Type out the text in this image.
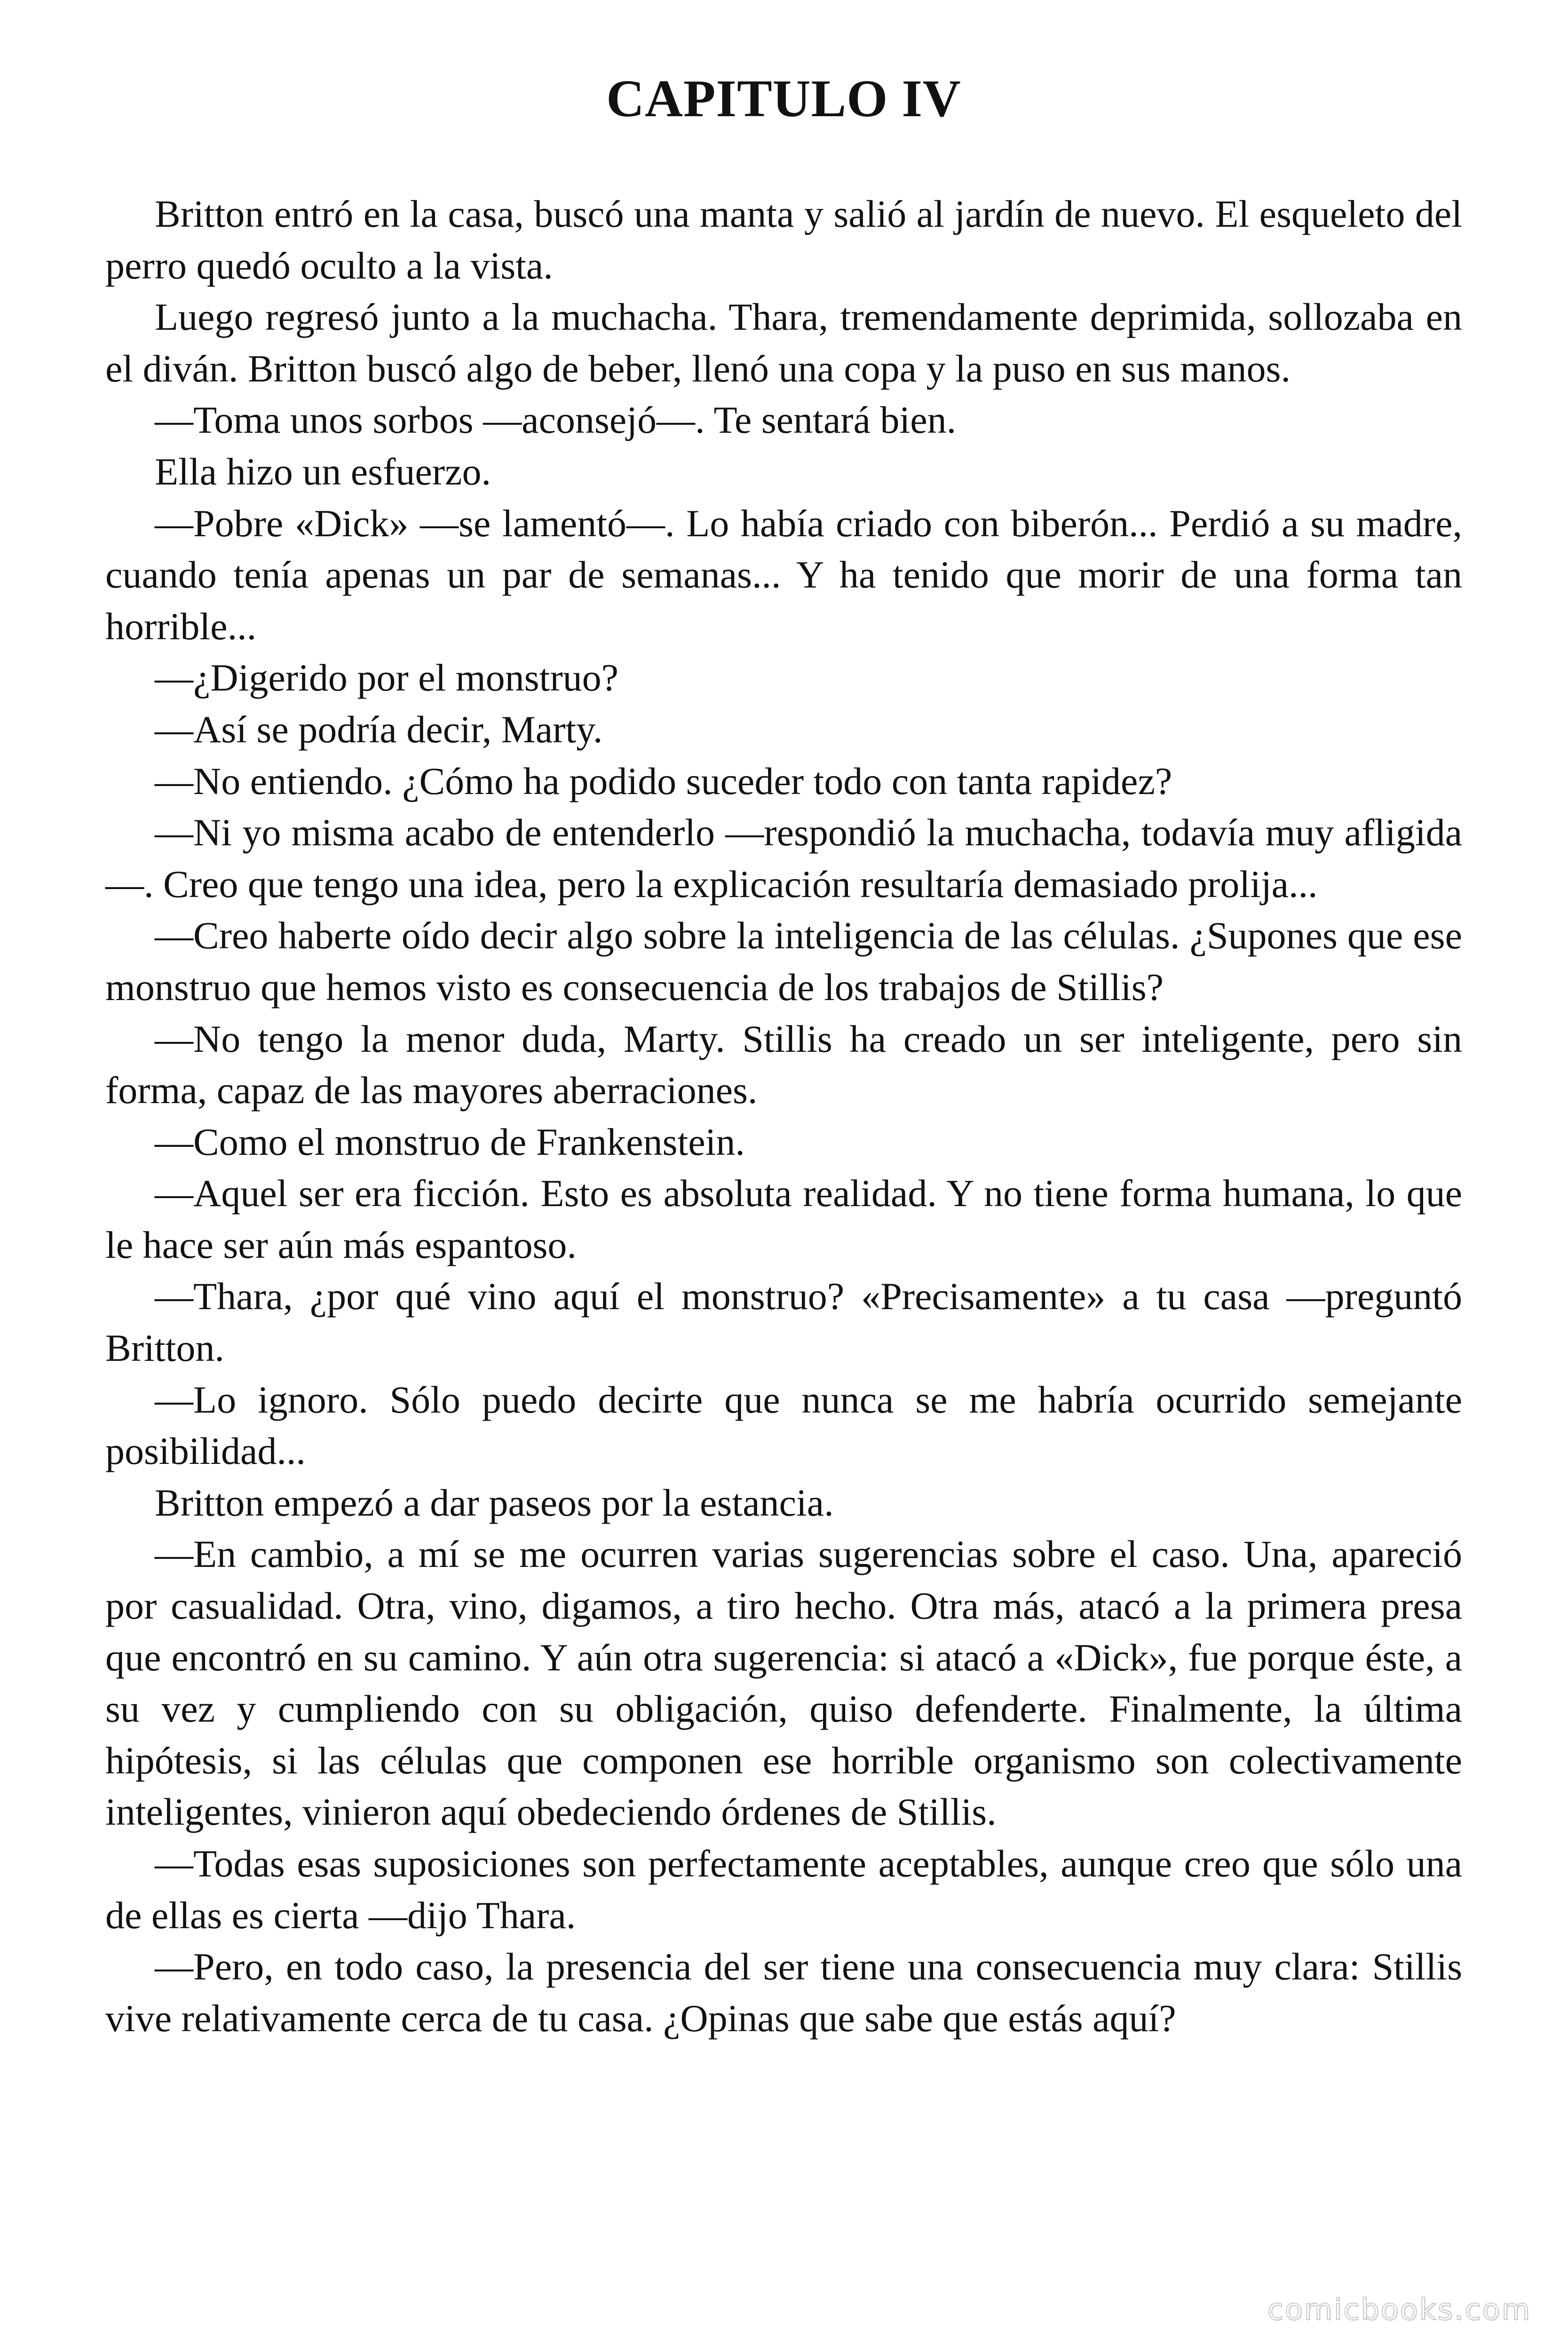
CAPITULO IV

Britton entró en la casa, buscó una manta y salió al jardín de nuevo. El esqueleto del perro quedó oculto a la vista.

Luego regresó junto a la muchacha. Thara, tremendamente deprimida, sollozaba en el diván. Britton buscó algo de beber, llenó una copa y la puso en sus manos.

—Toma unos sorbos —aconsejó—. Te sentará bien.

Ella hizo un esfuerzo.

—Pobre «Dick» —se lamentó—. Lo había criado con biberón... Perdió a su madre, cuando tenía apenas un par de semanas... Y ha tenido que morir de una forma tan horrible...

—¿Digerido por el monstruo?

—Así se podría decir, Marty.

—No entiendo. ¿Cómo ha podido suceder todo con tanta rapidez?

—Ni yo misma acabo de entenderlo —respondió la muchacha, todavía muy afligida—. Creo que tengo una idea, pero la explicación resultaría demasiado prolija...

—Creo haberte oído decir algo sobre la inteligencia de las células. ¿Supones que ese monstruo que hemos visto es consecuencia de los trabajos de Stillis?

—No tengo la menor duda, Marty. Stillis ha creado un ser inteligente, pero sin forma, capaz de las mayores aberraciones.

—Como el monstruo de Frankenstein.

—Aquel ser era ficción. Esto es absoluta realidad. Y no tiene forma humana, lo que le hace ser aún más espantoso.

—Thara, ¿por qué vino aquí el monstruo? «Precisamente» a tu casa —preguntó Britton.

—Lo ignoro. Sólo puedo decirte que nunca se me habría ocurrido semejante posibilidad...

Britton empezó a dar paseos por la estancia.

—En cambio, a mí se me ocurren varias sugerencias sobre el caso. Una, apareció por casualidad. Otra, vino, digamos, a tiro hecho. Otra más, atacó a la primera presa que encontró en su camino. Y aún otra sugerencia: si atacó a «Dick», fue porque éste, a su vez y cumpliendo con su obligación, quiso defenderte. Finalmente, la última hipótesis, si las células que componen ese horrible organismo son colectivamente inteligentes, vinieron aquí obedeciendo órdenes de Stillis.

—Todas esas suposiciones son perfectamente aceptables, aunque creo que sólo una de ellas es cierta —dijo Thara.

—Pero, en todo caso, la presencia del ser tiene una consecuencia muy clara: Stillis vive relativamente cerca de tu casa. ¿Opinas que sabe que estás aquí?

comicbooks.com
